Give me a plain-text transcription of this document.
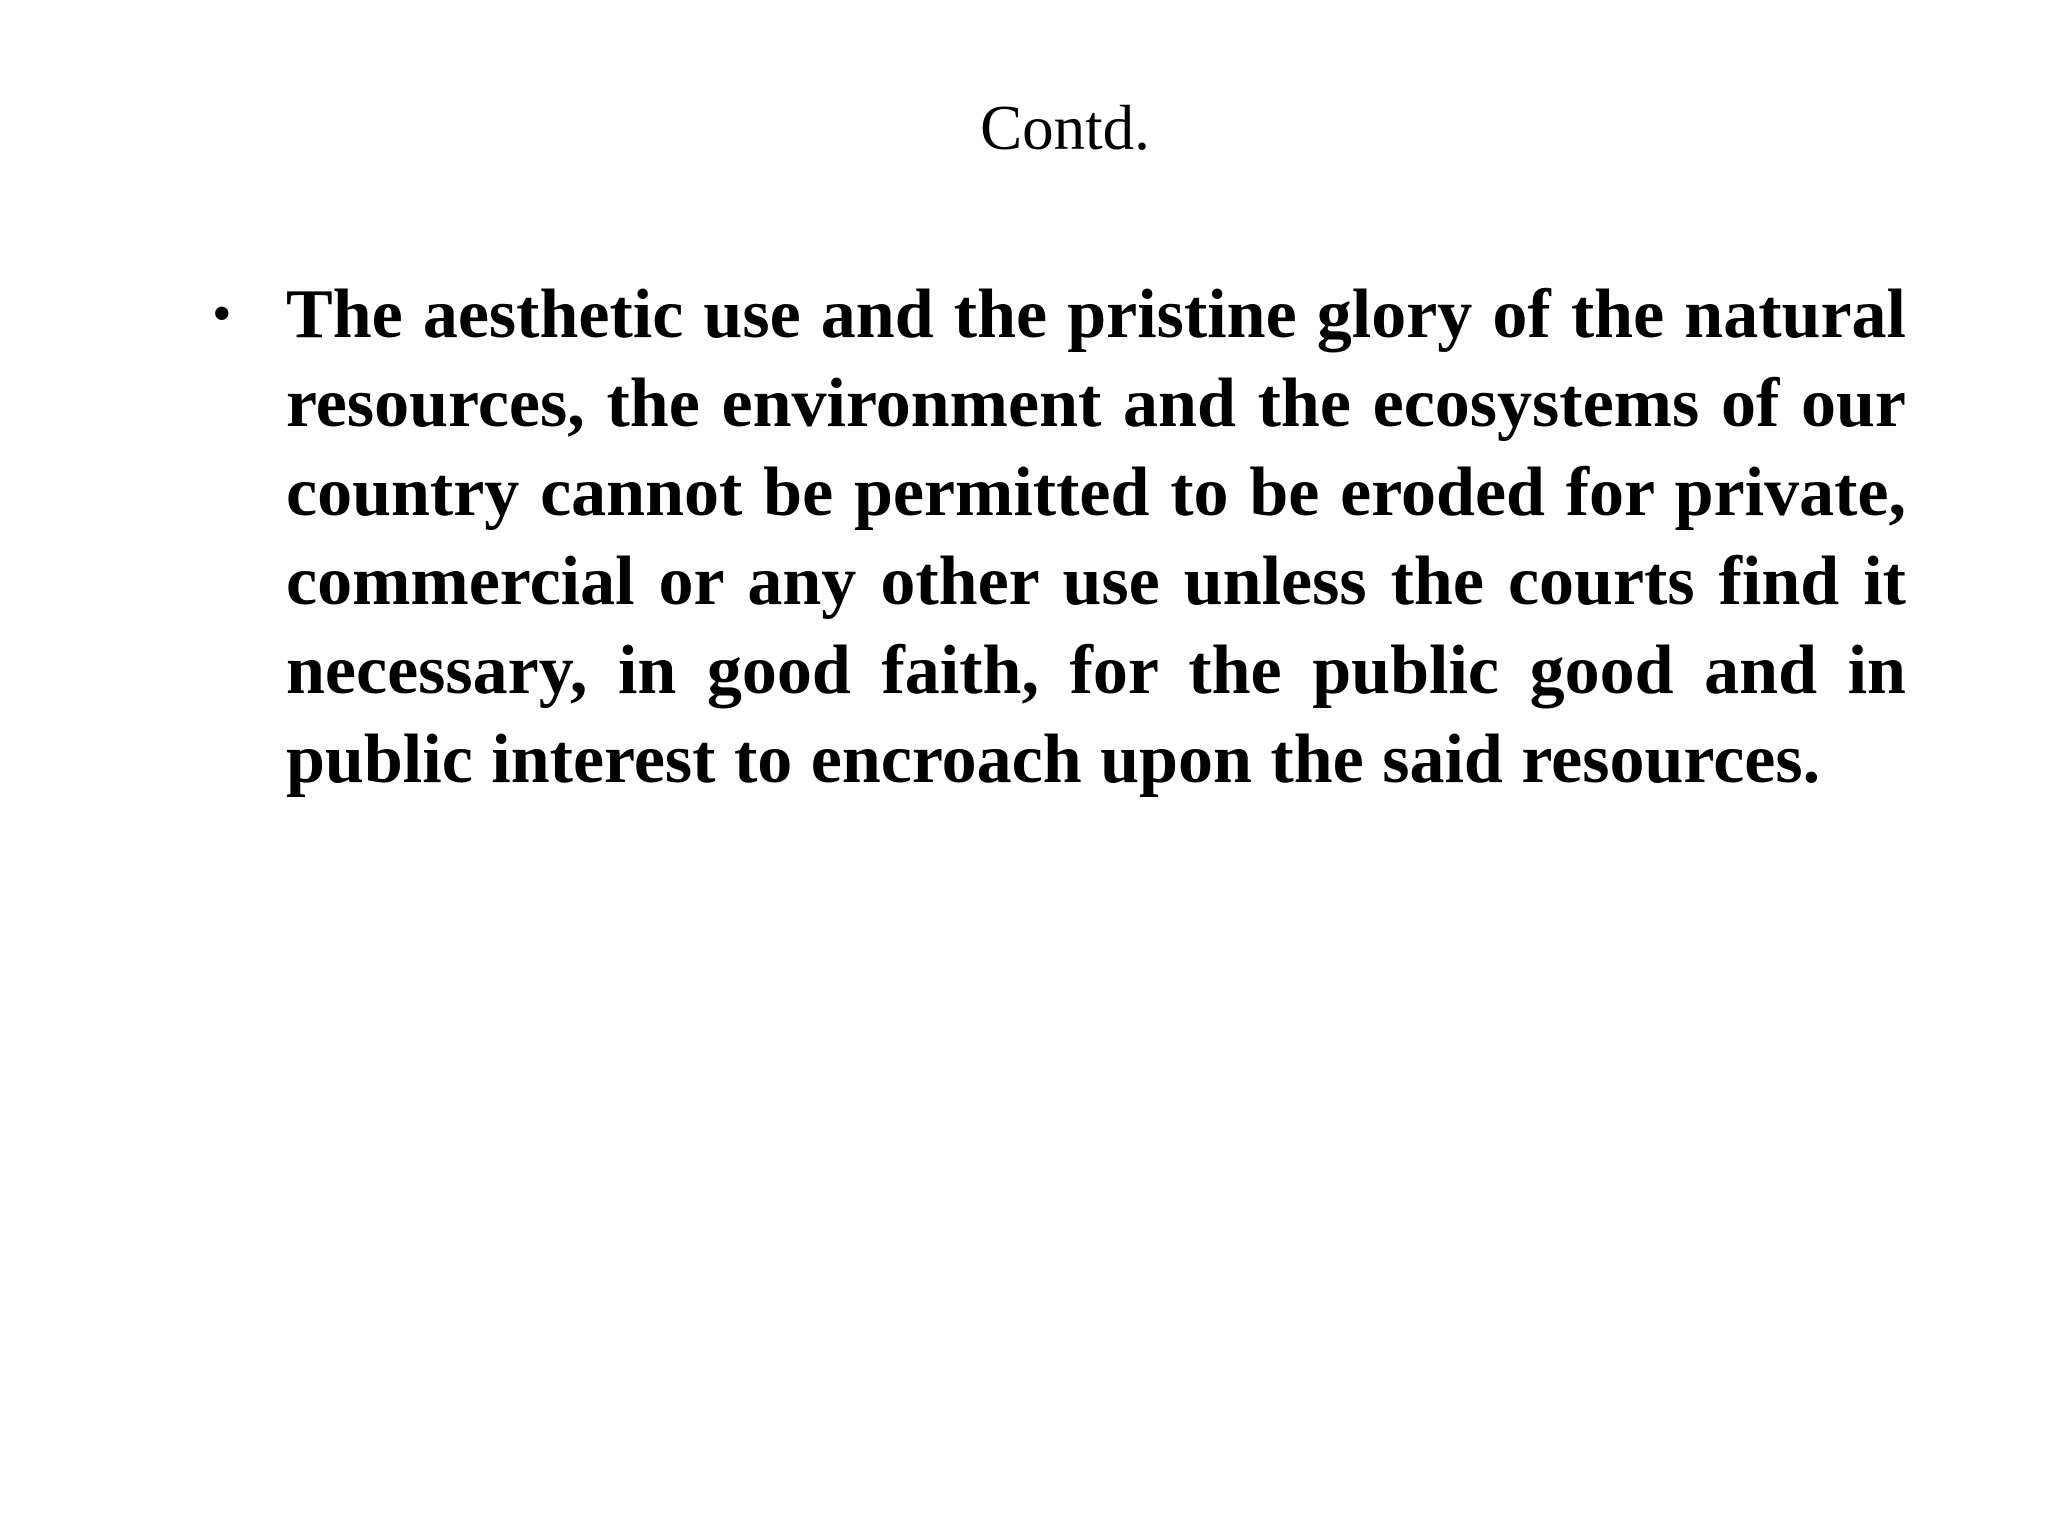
Contd.
• The aesthetic use and the pristine glory of the natural resources, the environment and the ecosystems of our country cannot be permitted to be eroded for private, commercial or any other use unless the courts find it necessary, in good faith, for the public good and in public interest to encroach upon the said resources.
